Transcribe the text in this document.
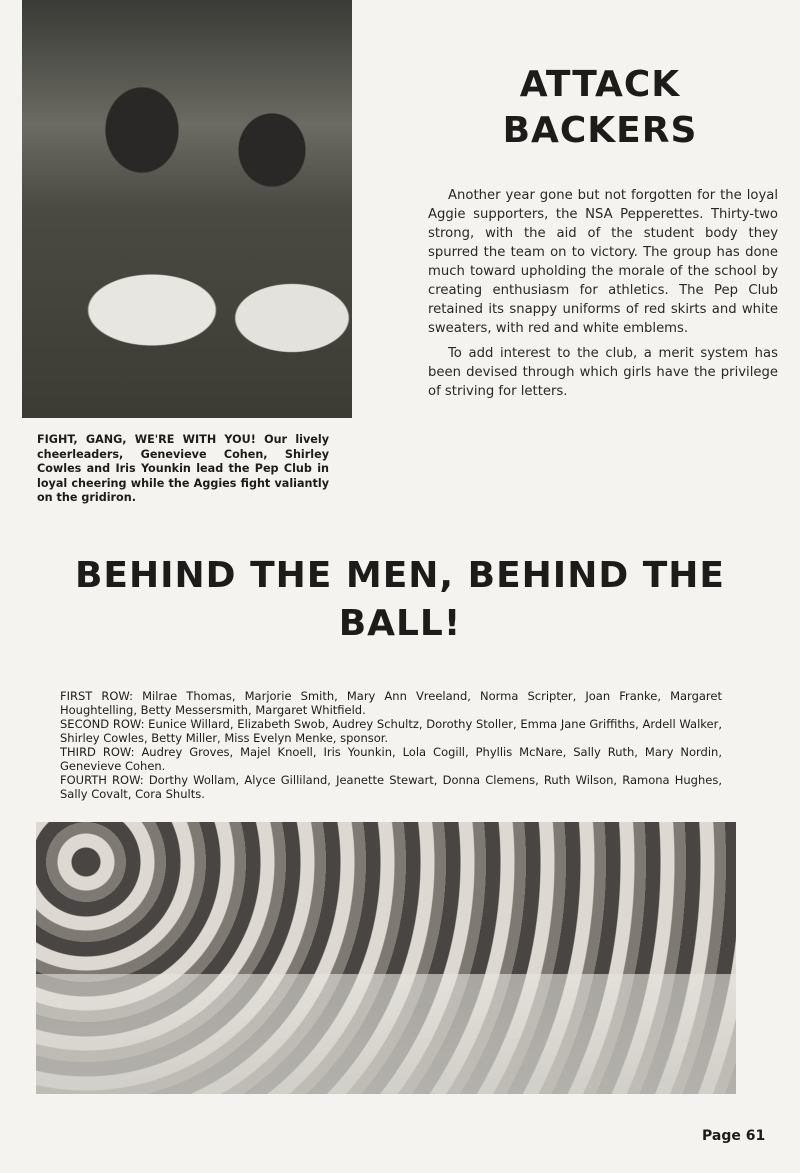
ATTACK BACKERS

Another year gone but not forgotten for the loyal Aggie supporters, the NSA Pepperettes. Thirty-two strong, with the aid of the student body they spurred the team on to victory. The group has done much toward upholding the morale of the school by creating enthusiasm for athletics. The Pep Club retained its snappy uniforms of red skirts and white sweaters, with red and white emblems.

To add interest to the club, a merit system has been devised through which girls have the privilege of striving for letters.

FIGHT, GANG, WE'RE WITH YOU! Our lively cheerleaders, Genevieve Cohen, Shirley Cowles and Iris Younkin lead the Pep Club in loyal cheering while the Aggies fight valiantly on the gridiron.
BEHIND THE MEN, BEHIND THE BALL!

FIRST ROW: Milrae Thomas, Marjorie Smith, Mary Ann Vreeland, Norma Scripter, Joan Franke, Margaret Houghtelling, Betty Messersmith, Margaret Whitfield.

SECOND ROW: Eunice Willard, Elizabeth Swob, Audrey Schultz, Dorothy Stoller, Emma Jane Griffiths, Ardell Walker, Shirley Cowles, Betty Miller, Miss Evelyn Menke, sponsor.

THIRD ROW: Audrey Groves, Majel Knoell, Iris Younkin, Lola Cogill, Phyllis McNare, Sally Ruth, Mary Nordin, Genevieve Cohen.

FOURTH ROW: Dorthy Wollam, Alyce Gilliland, Jeanette Stewart, Donna Clemens, Ruth Wilson, Ramona Hughes, Sally Covalt, Cora Shults.

Page 61
